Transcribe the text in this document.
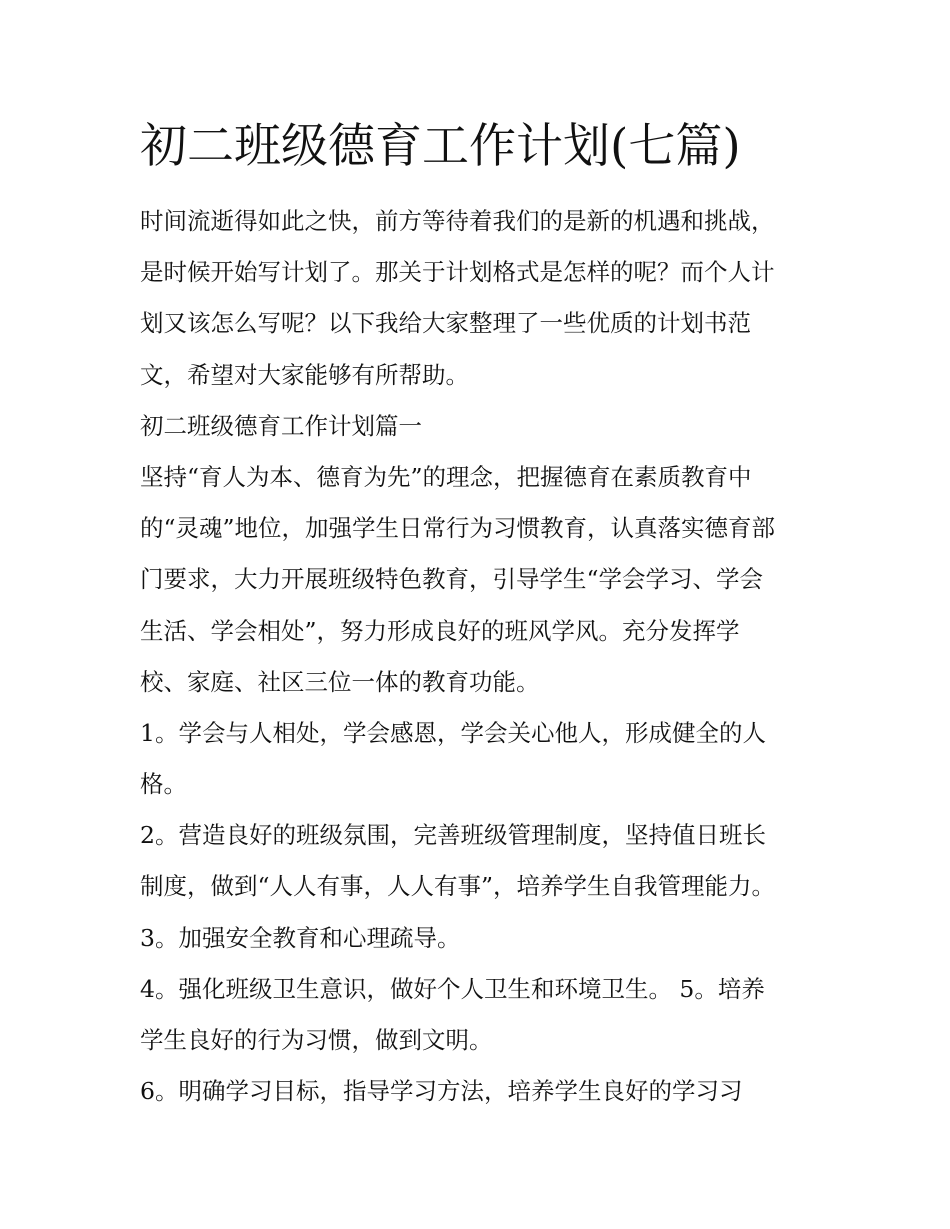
初二班级德育工作计划(七篇)
时间流逝得如此之快，前方等待着我们的是新的机遇和挑战，
是时候开始写计划了。那关于计划格式是怎样的呢？而个人计
划又该怎么写呢？以下我给大家整理了一些优质的计划书范
文，希望对大家能够有所帮助。
初二班级德育工作计划篇一
坚持“育人为本、德育为先”的理念，把握德育在素质教育中
的“灵魂”地位，加强学生日常行为习惯教育，认真落实德育部
门要求，大力开展班级特色教育，引导学生“学会学习、学会
生活、学会相处”，努力形成良好的班风学风。充分发挥学
校、家庭、社区三位一体的教育功能。
1。学会与人相处，学会感恩，学会关心他人，形成健全的人
格。
2。营造良好的班级氛围，完善班级管理制度，坚持值日班长
制度，做到“人人有事，人人有事”，培养学生自我管理能力。
3。加强安全教育和心理疏导。
4。强化班级卫生意识，做好个人卫生和环境卫生。 5。培养
学生良好的行为习惯，做到文明。
6。明确学习目标，指导学习方法，培养学生良好的学习习
